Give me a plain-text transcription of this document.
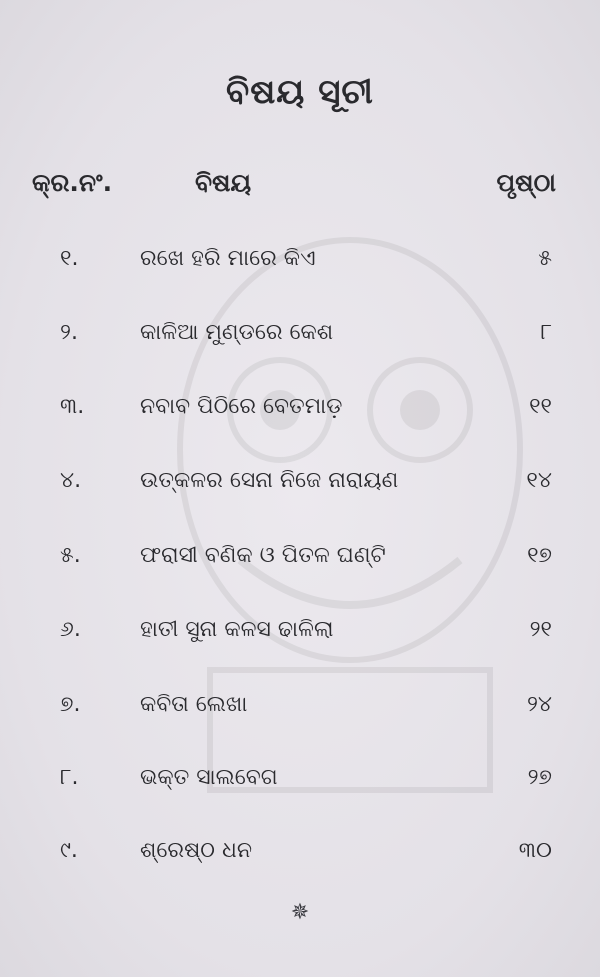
ବିଷୟ ସୂଚୀ
କ୍ର.ନଂ.	ବିଷୟ	ପୃଷ୍ଠା
୧.	ରଖେ ହରି ମାରେ କିଏ	୫
୨.	କାଳିଆ ମୁଣ୍ଡରେ କେଶ	୮
୩.	ନବାବ ପିଠିରେ ବେତମାଡ଼	୧୧
୪.	ଉତ୍କଳର ସେନା ନିଜେ ନାରାୟଣ	୧୪
୫.	ଫରାସୀ ବଣିକ ଓ ପିତଳ ଘଣ୍ଟି	୧୭
୬.	ହାତୀ ସୁନା କଳସ ଢାଳିଲା	୨୧
୭.	କବିତା ଲେଖା	୨୪
୮.	ଭକ୍ତ ସାଲବେଗ	୨୭
୯.	ଶ୍ରେଷ୍ଠ ଧନ	୩୦
✵
